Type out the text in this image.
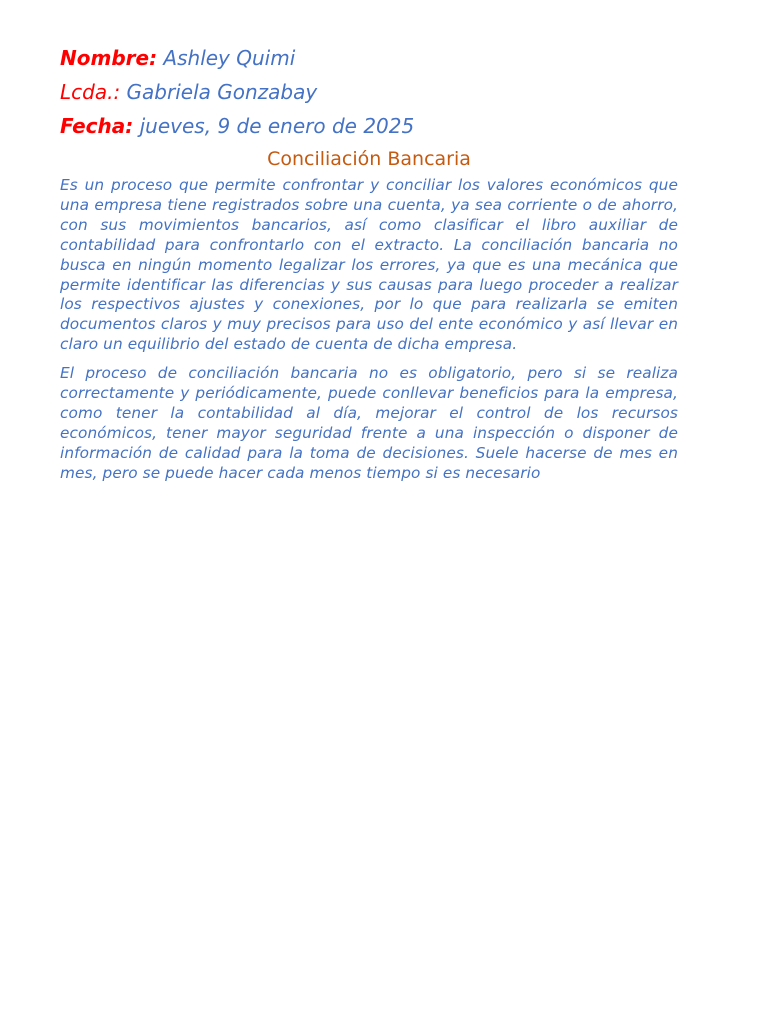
Nombre: Ashley Quimi
Lcda.: Gabriela Gonzabay
Fecha: jueves, 9 de enero de 2025
Conciliación Bancaria

Es un proceso que permite confrontar y conciliar los valores económicos que una empresa tiene registrados sobre una cuenta, ya sea corriente o de ahorro, con sus movimientos bancarios, así como clasificar el libro auxiliar de contabilidad para confrontarlo con el extracto. La conciliación bancaria no busca en ningún momento legalizar los errores, ya que es una mecánica que permite identificar las diferencias y sus causas para luego proceder a realizar los respectivos ajustes y conexiones, por lo que para realizarla se emiten documentos claros y muy precisos para uso del ente económico y así llevar en claro un equilibrio del estado de cuenta de dicha empresa.

El proceso de conciliación bancaria no es obligatorio, pero si se realiza correctamente y periódicamente, puede conllevar beneficios para la empresa, como tener la contabilidad al día, mejorar el control de los recursos económicos, tener mayor seguridad frente a una inspección o disponer de información de calidad para la toma de decisiones. Suele hacerse de mes en mes, pero se puede hacer cada menos tiempo si es necesario
